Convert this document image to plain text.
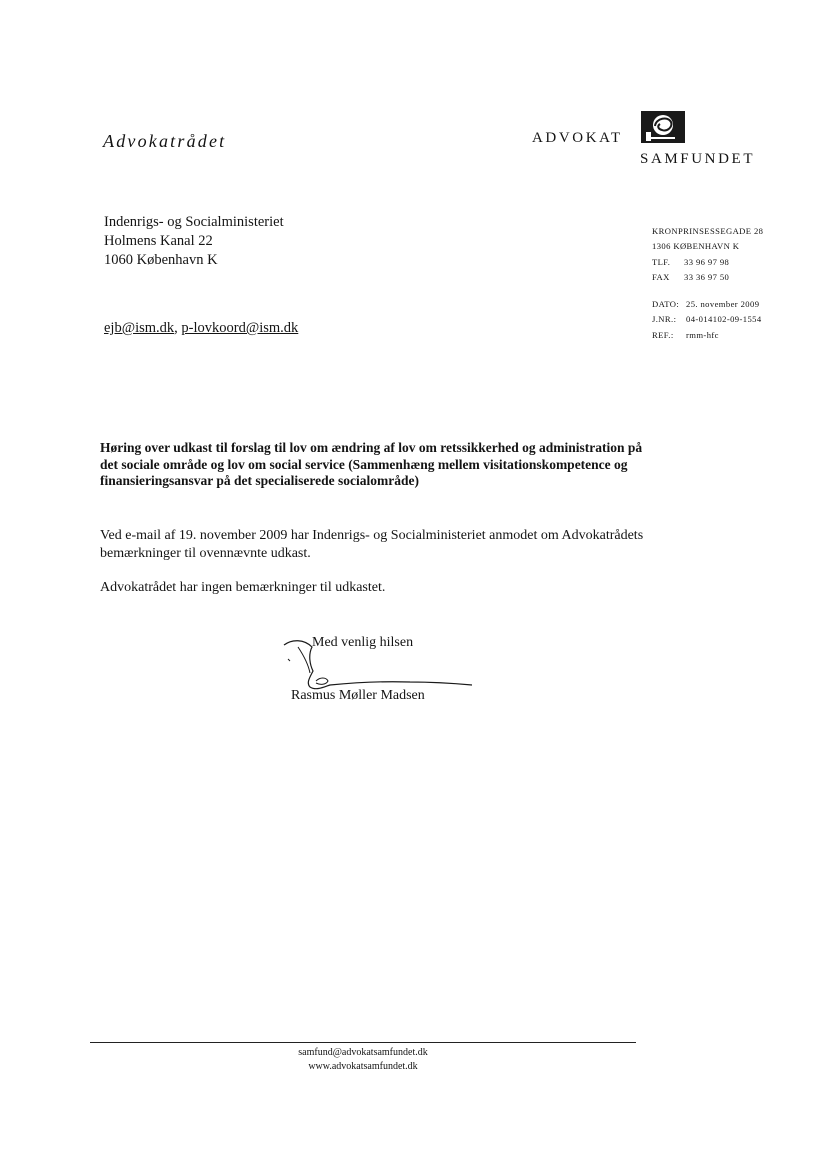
Advokatrådet	ADVOKAT
SAMFUNDET
Indenrigs- og Socialministeriet
Holmens Kanal 22
1060 København K
ejb@ism.dk, p-lovkoord@ism.dk
KRONPRINSESSEGADE 28
1306 KØBENHAVN K
TLF. 33 96 97 98
FAX 33 36 97 50
DATO: 25. november 2009
J.NR.: 04-014102-09-1554
REF.: rmm-hfc
Høring over udkast til forslag til lov om ændring af lov om retssikkerhed og administration på det sociale område og lov om social service (Sammenhæng mellem visitationskompetence og finansieringsansvar på det specialiserede socialområde)
Ved e-mail af 19. november 2009 har Indenrigs- og Socialministeriet anmodet om Advokatrådets bemærkninger til ovennævnte udkast.
Advokatrådet har ingen bemærkninger til udkastet.
Med venlig hilsen
Rasmus Møller Madsen
samfund@advokatsamfundet.dk
www.advokatsamfundet.dk
